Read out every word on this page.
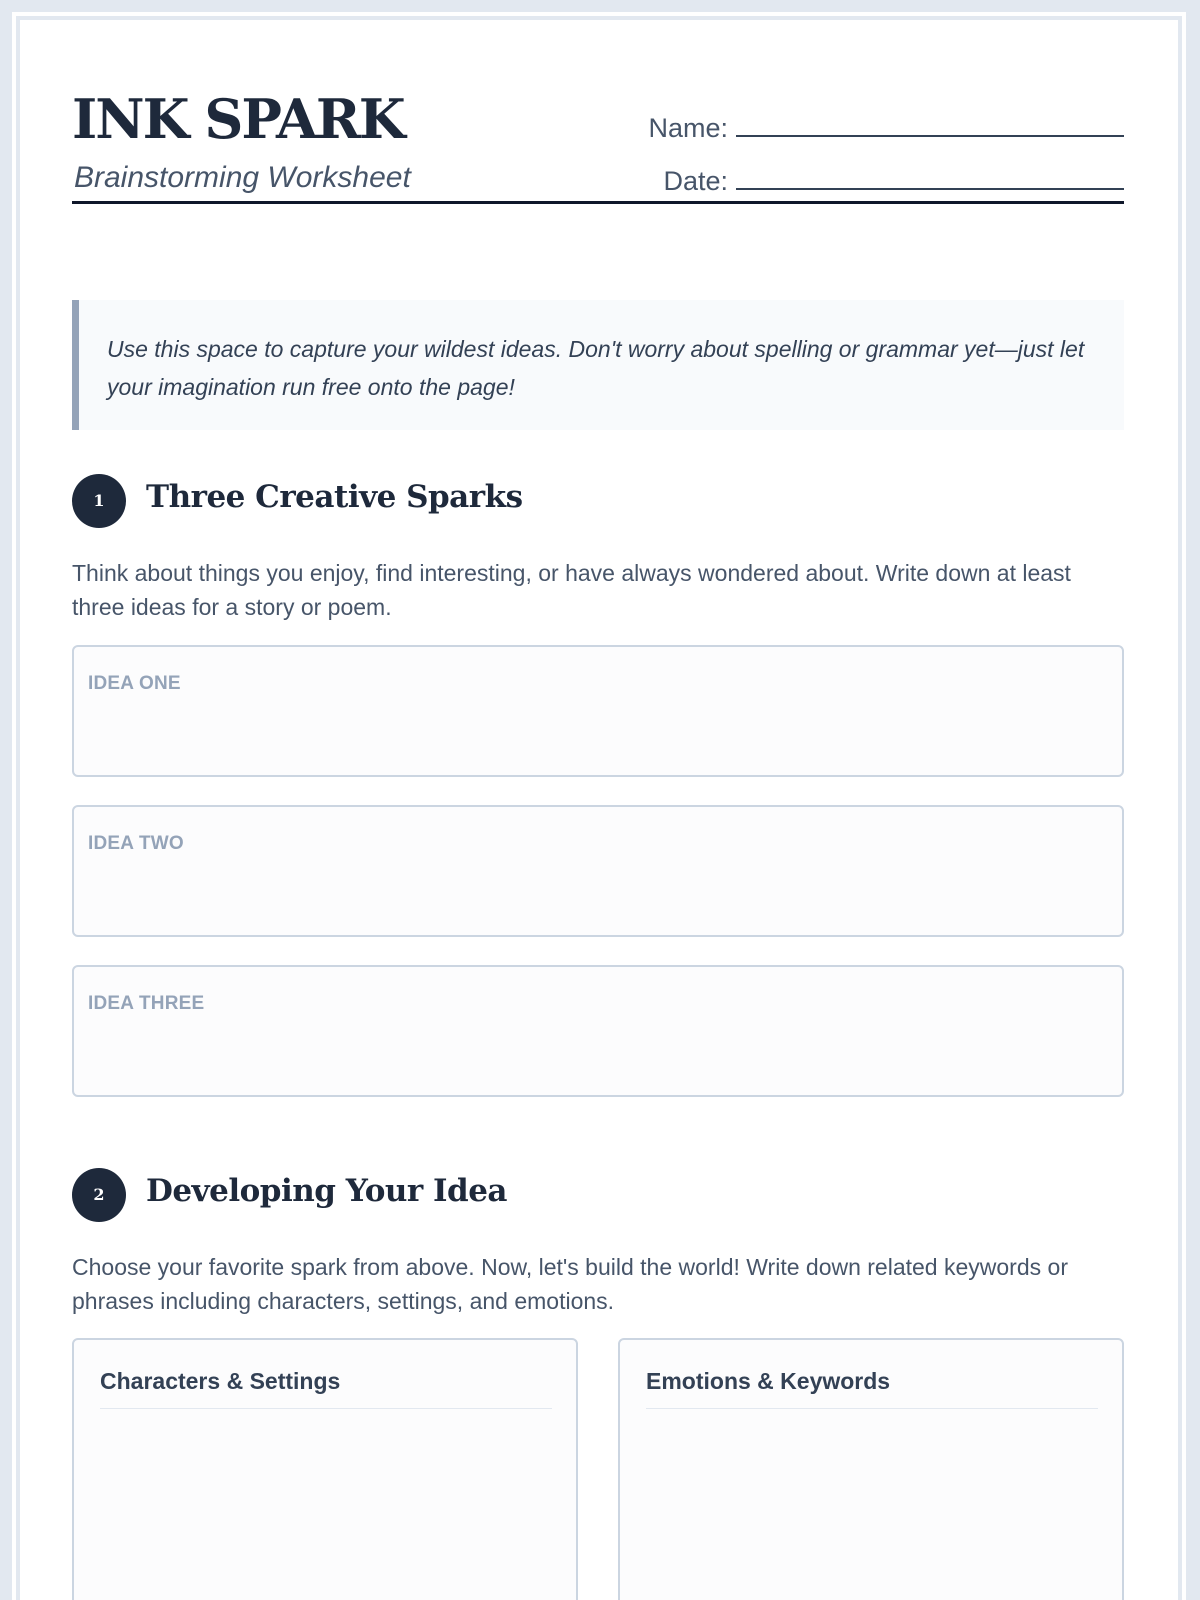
INK SPARK
Brainstorming Worksheet
Name:
Date:
Use this space to capture your wildest ideas. Don't worry about spelling or grammar yet—just let your imagination run free onto the page!
1	Three Creative Sparks
Think about things you enjoy, find interesting, or have always wondered about. Write down at least three ideas for a story or poem.
IDEA ONE
IDEA TWO
IDEA THREE
2	Developing Your Idea
Choose your favorite spark from above. Now, let's build the world! Write down related keywords or phrases including characters, settings, and emotions.
Characters & Settings	Emotions & Keywords
